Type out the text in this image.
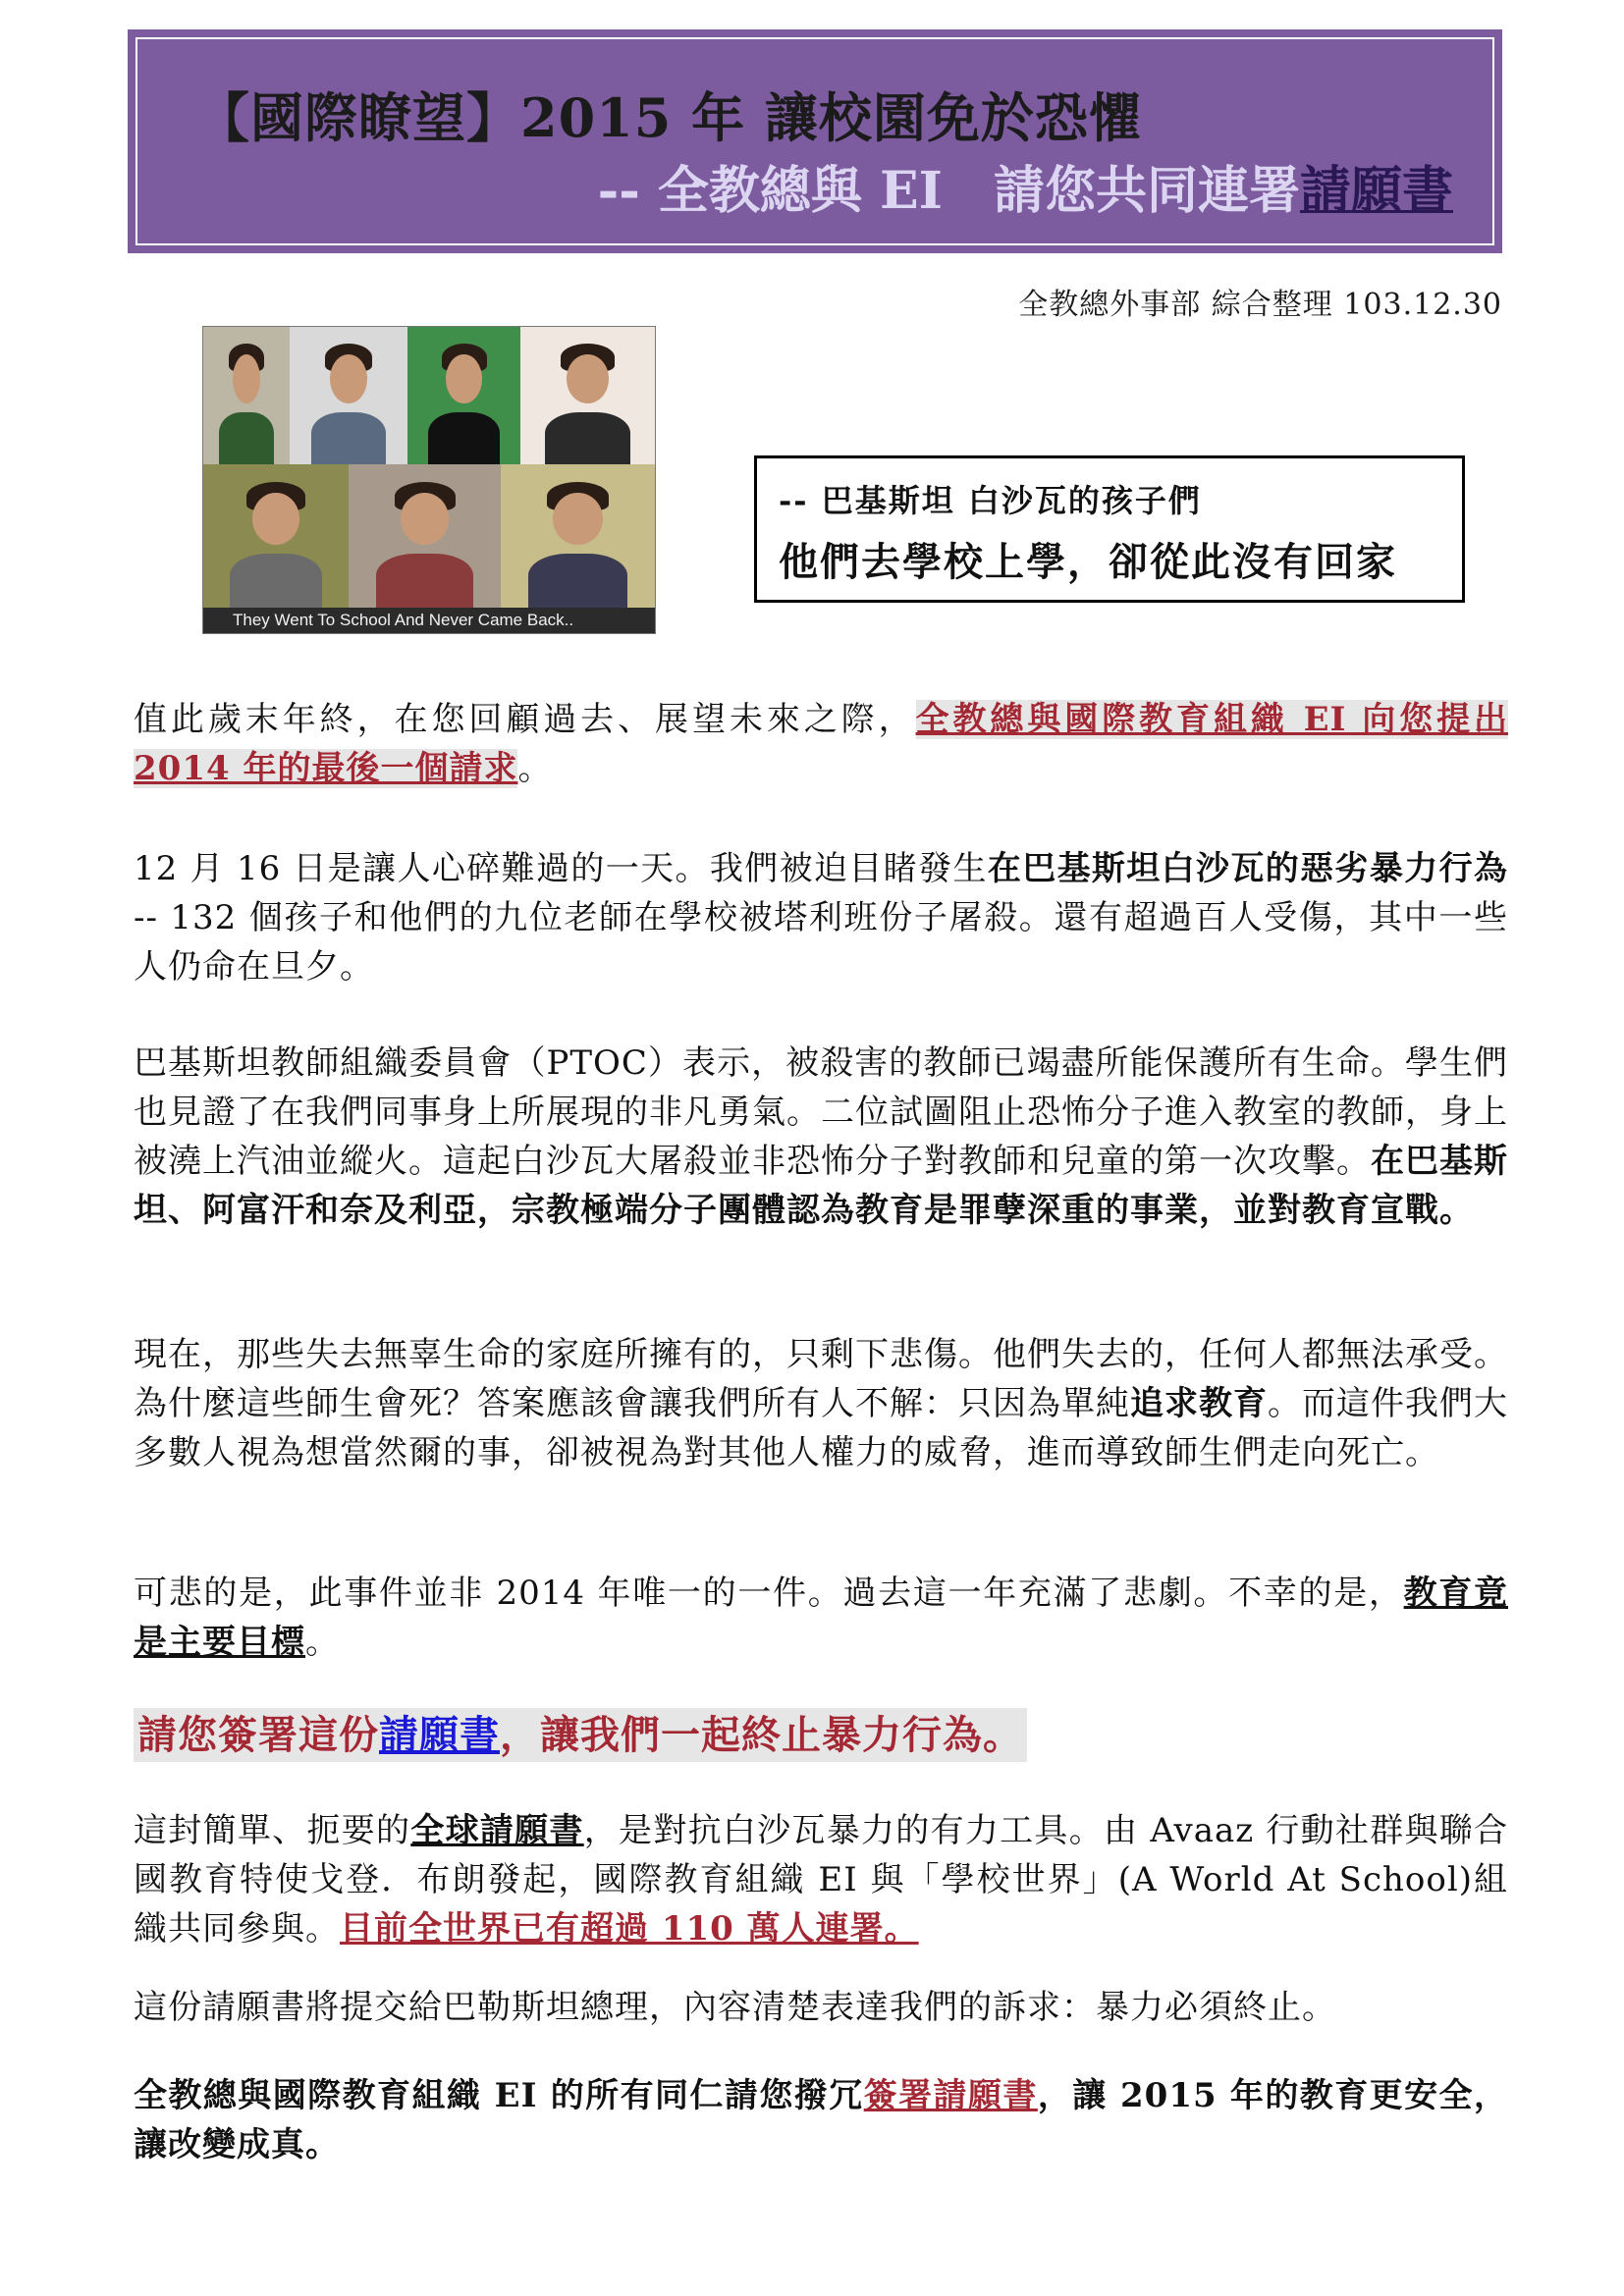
【國際瞭望】2015 年 讓校園免於恐懼
-- 全教總與 EI　請您共同連署請願書
全教總外事部 綜合整理 103.12.30
They Went To School And Never Came Back..
-- 巴基斯坦 白沙瓦的孩子們
他們去學校上學，卻從此沒有回家

值此歲末年終，在您回顧過去、展望未來之際，全教總與國際教育組織 EI 向您提出 2014 年的最後一個請求。

12 月 16 日是讓人心碎難過的一天。我們被迫目睹發生在巴基斯坦白沙瓦的惡劣暴力行為 -- 132 個孩子和他們的九位老師在學校被塔利班份子屠殺。還有超過百人受傷，其中一些人仍命在旦夕。

巴基斯坦教師組織委員會（PTOC）表示，被殺害的教師已竭盡所能保護所有生命。學生們也見證了在我們同事身上所展現的非凡勇氣。二位試圖阻止恐怖分子進入教室的教師，身上被澆上汽油並縱火。這起白沙瓦大屠殺並非恐怖分子對教師和兒童的第一次攻擊。在巴基斯坦、阿富汗和奈及利亞，宗教極端分子團體認為教育是罪孽深重的事業，並對教育宣戰。

現在，那些失去無辜生命的家庭所擁有的，只剩下悲傷。他們失去的，任何人都無法承受。為什麼這些師生會死？答案應該會讓我們所有人不解：只因為單純追求教育。而這件我們大多數人視為想當然爾的事，卻被視為對其他人權力的威脅，進而導致師生們走向死亡。

可悲的是，此事件並非 2014 年唯一的一件。過去這一年充滿了悲劇。不幸的是，教育竟是主要目標。

請您簽署這份請願書，讓我們一起終止暴力行為。

這封簡單、扼要的全球請願書，是對抗白沙瓦暴力的有力工具。由 Avaaz 行動社群與聯合國教育特使戈登．布朗發起，國際教育組織 EI 與「學校世界」(A World At School)組織共同參與。目前全世界已有超過 110 萬人連署。

這份請願書將提交給巴勒斯坦總理，內容清楚表達我們的訴求：暴力必須終止。

全教總與國際教育組織 EI 的所有同仁請您撥冗簽署請願書，讓 2015 年的教育更安全，讓改變成真。
